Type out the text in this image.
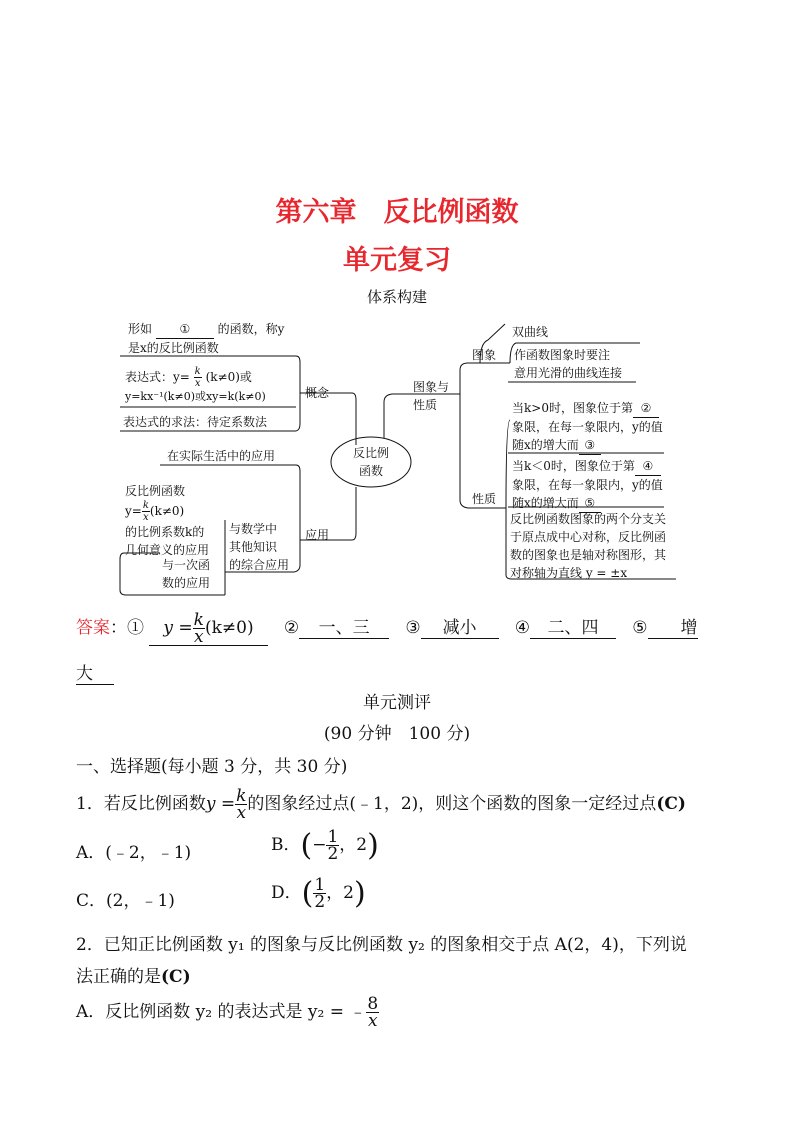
第六章　反比例函数
单元复习
体系构建
形如 ① 的函数，称y
是x的反比例函数
表达式：$y= \frac{k}{x} (k\ne 0)$或
y=kx⁻¹(k≠0)或xy=k(k≠0)
表达式的求法：待定系数法
概念
反比例
函数
在实际生活中的应用
反比例函数
$y= \frac{k}{x} (k\ne 0)$
的比例系数k的
几何意义的应用
与一次函
数的应用
与数学中
其他知识
的综合应用
应用
图象与
性质
图象
双曲线
作函数图象时要注
意用光滑的曲线连接
性质
当k>0时，图象位于第 ②
象限，在每一象限内，y的值
随x的增大而 ③
当k＜0时，图象位于第 ④
象限，在每一象限内，y的值
随x的增大而 ⑤
反比例函数图象的两个分支关
于原点成中心对称，反比例函
数的图象也是轴对称图形，其
对称轴为直线 y = ±x
答案：① $y = \frac{k}{x} (k\ne 0)$ ② 一、三 ③ 减小 ④ 二、四 ⑤ 增
大
单元测评
(90 分钟　100 分)
一、选择题(每小题 3 分，共 30 分)
1．若反比例函数$y = \frac{k}{x}$ 的图象经过点(﹣1，2)，则这个函数的图象一定经过点(C)
A．(﹣2，﹣1)	B．(− $\frac{1}{2}$ ，2)
C．(2，﹣1)	D．( $\frac{1}{2}$ ，2)
2．已知正比例函数 y₁ 的图象与反比例函数 y₂ 的图象相交于点 A(2，4)，下列说
法正确的是(C)
A．反比例函数 y₂ 的表达式是 y₂ = ﹣ $\frac{8}{x}$
